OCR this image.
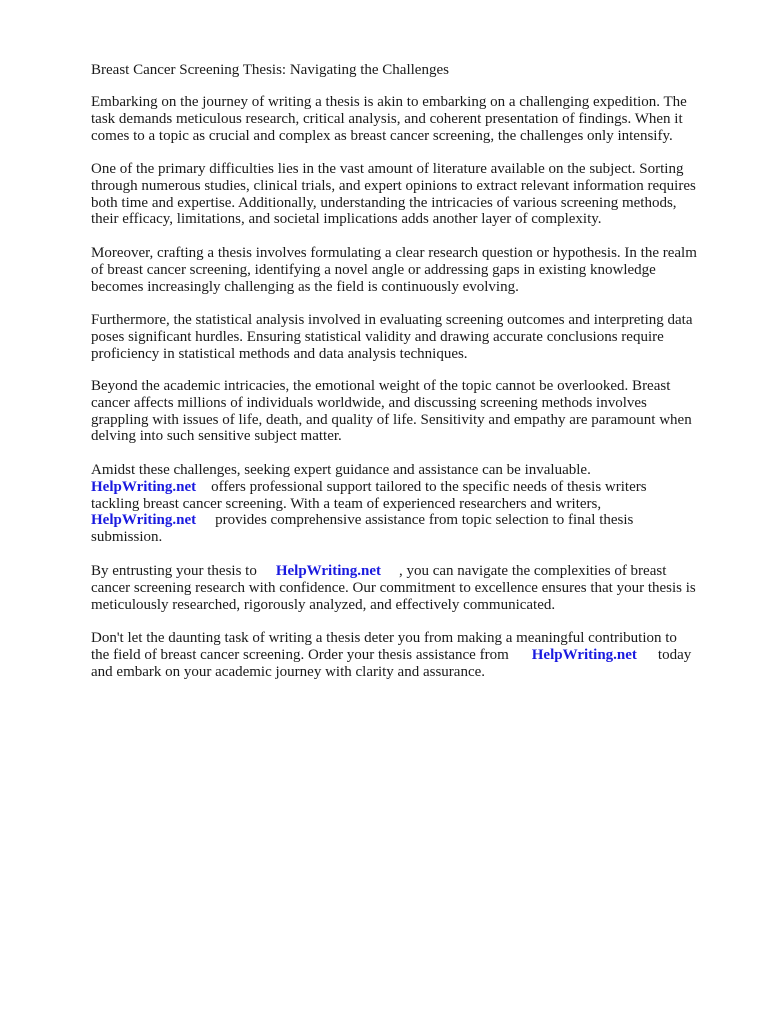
Breast Cancer Screening Thesis: Navigating the Challenges
Embarking on the journey of writing a thesis is akin to embarking on a challenging expedition. The
task demands meticulous research, critical analysis, and coherent presentation of findings. When it
comes to a topic as crucial and complex as breast cancer screening, the challenges only intensify.
One of the primary difficulties lies in the vast amount of literature available on the subject. Sorting
through numerous studies, clinical trials, and expert opinions to extract relevant information requires
both time and expertise. Additionally, understanding the intricacies of various screening methods,
their efficacy, limitations, and societal implications adds another layer of complexity.
Moreover, crafting a thesis involves formulating a clear research question or hypothesis. In the realm
of breast cancer screening, identifying a novel angle or addressing gaps in existing knowledge
becomes increasingly challenging as the field is continuously evolving.
Furthermore, the statistical analysis involved in evaluating screening outcomes and interpreting data
poses significant hurdles. Ensuring statistical validity and drawing accurate conclusions require
proficiency in statistical methods and data analysis techniques.
Beyond the academic intricacies, the emotional weight of the topic cannot be overlooked. Breast
cancer affects millions of individuals worldwide, and discussing screening methods involves
grappling with issues of life, death, and quality of life. Sensitivity and empathy are paramount when
delving into such sensitive subject matter.
Amidst these challenges, seeking expert guidance and assistance can be invaluable.
HelpWriting.net offers professional support tailored to the specific needs of thesis writers
tackling breast cancer screening. With a team of experienced researchers and writers,
HelpWriting.net provides comprehensive assistance from topic selection to final thesis
submission.
By entrusting your thesis to HelpWriting.net , you can navigate the complexities of breast
cancer screening research with confidence. Our commitment to excellence ensures that your thesis is
meticulously researched, rigorously analyzed, and effectively communicated.
Don't let the daunting task of writing a thesis deter you from making a meaningful contribution to
the field of breast cancer screening. Order your thesis assistance from HelpWriting.net today
and embark on your academic journey with clarity and assurance.
